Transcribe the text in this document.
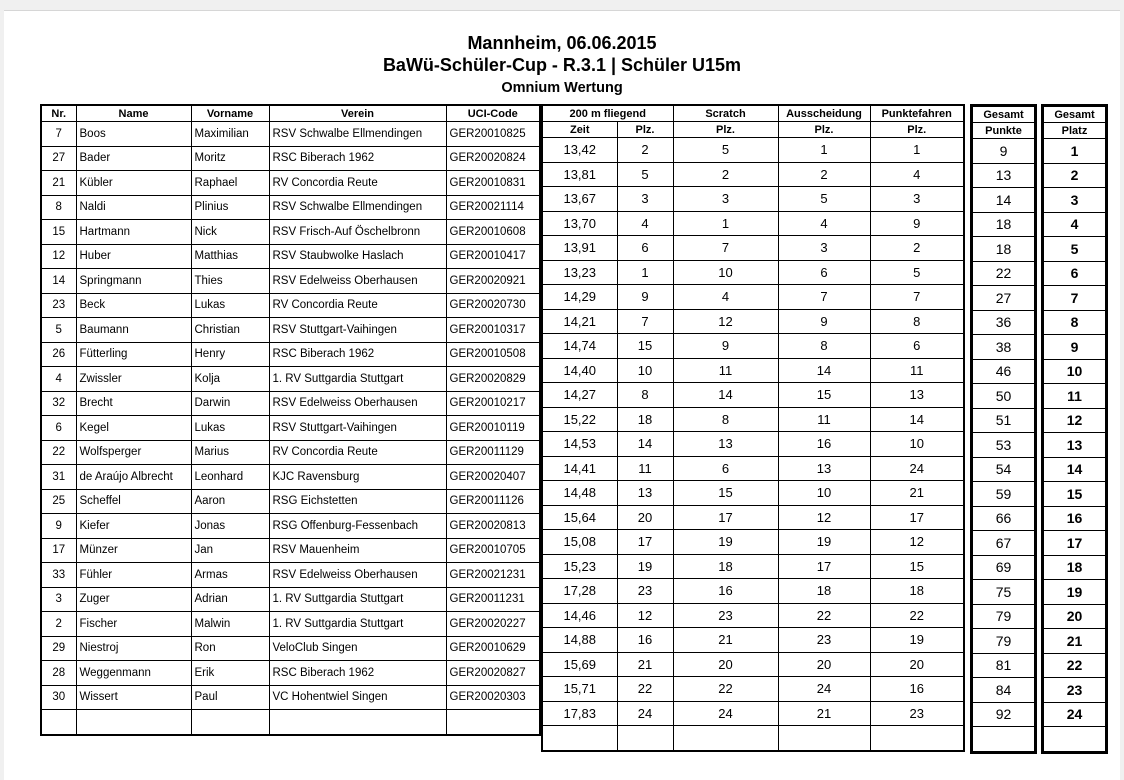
Mannheim, 06.06.2015
BaWü-Schüler-Cup - R.3.1 | Schüler U15m
Omnium Wertung
Nr.	Name	Vorname	Verein	UCI-Code

7	Boos	Maximilian	RSV Schwalbe Ellmendingen	GER20010825
27	Bader	Moritz	RSC Biberach 1962	GER20020824
21	Kübler	Raphael	RV Concordia Reute	GER20010831
8	Naldi	Plinius	RSV Schwalbe Ellmendingen	GER20021114
15	Hartmann	Nick	RSV Frisch-Auf Öschelbronn	GER20010608
12	Huber	Matthias	RSV Staubwolke Haslach	GER20010417
14	Springmann	Thies	RSV Edelweiss Oberhausen	GER20020921
23	Beck	Lukas	RV Concordia Reute	GER20020730
5	Baumann	Christian	RSV Stuttgart-Vaihingen	GER20010317
26	Fütterling	Henry	RSC Biberach 1962	GER20010508
4	Zwissler	Kolja	1. RV Suttgardia Stuttgart	GER20020829
32	Brecht	Darwin	RSV Edelweiss Oberhausen	GER20010217
6	Kegel	Lukas	RSV Stuttgart-Vaihingen	GER20010119
22	Wolfsperger	Marius	RV Concordia Reute	GER20011129
31	de Araújo Albrecht	Leonhard	KJC Ravensburg	GER20020407
25	Scheffel	Aaron	RSG Eichstetten	GER20011126
9	Kiefer	Jonas	RSG Offenburg-Fessenbach	GER20020813
17	Münzer	Jan	RSV Mauenheim	GER20010705
33	Fühler	Armas	RSV Edelweiss Oberhausen	GER20021231
3	Zuger	Adrian	1. RV Suttgardia Stuttgart	GER20011231
2	Fischer	Malwin	1. RV Suttgardia Stuttgart	GER20020227
29	Niestroj	Ron	VeloClub Singen	GER20010629
28	Weggenmann	Erik	RSC Biberach 1962	GER20020827
30	Wissert	Paul	VC Hohentwiel Singen	GER20020303

200 m fliegend		Scratch	Ausscheidung	Punktefahren
Zeit	Plz.	Plz.	Plz.	Plz.
13,42	2	5	1	1
13,81	5	2	2	4
13,67	3	3	5	3
13,70	4	1	4	9
13,91	6	7	3	2
13,23	1	10	6	5
14,29	9	4	7	7
14,21	7	12	9	8
14,74	15	9	8	6
14,40	10	11	14	11
14,27	8	14	15	13
15,22	18	8	11	14
14,53	14	13	16	10
14,41	11	6	13	24
14,48	13	15	10	21
15,64	20	17	12	17
15,08	17	19	19	12
15,23	19	18	17	15
17,28	23	16	18	18
14,46	12	23	22	22
14,88	16	21	23	19
15,69	21	20	20	20
15,71	22	22	24	16
17,83	24	24	21	23

Gesamt
Punkte
9
13
14
18
18
22
27
36
38
46
50
51
53
54
59
66
67
69
75
79
79
81
84
92

Gesamt
Platz
1
2
3
4
5
6
7
8
9
10
11
12
13
14
15
16
17
18
19
20
21
22
23
24
